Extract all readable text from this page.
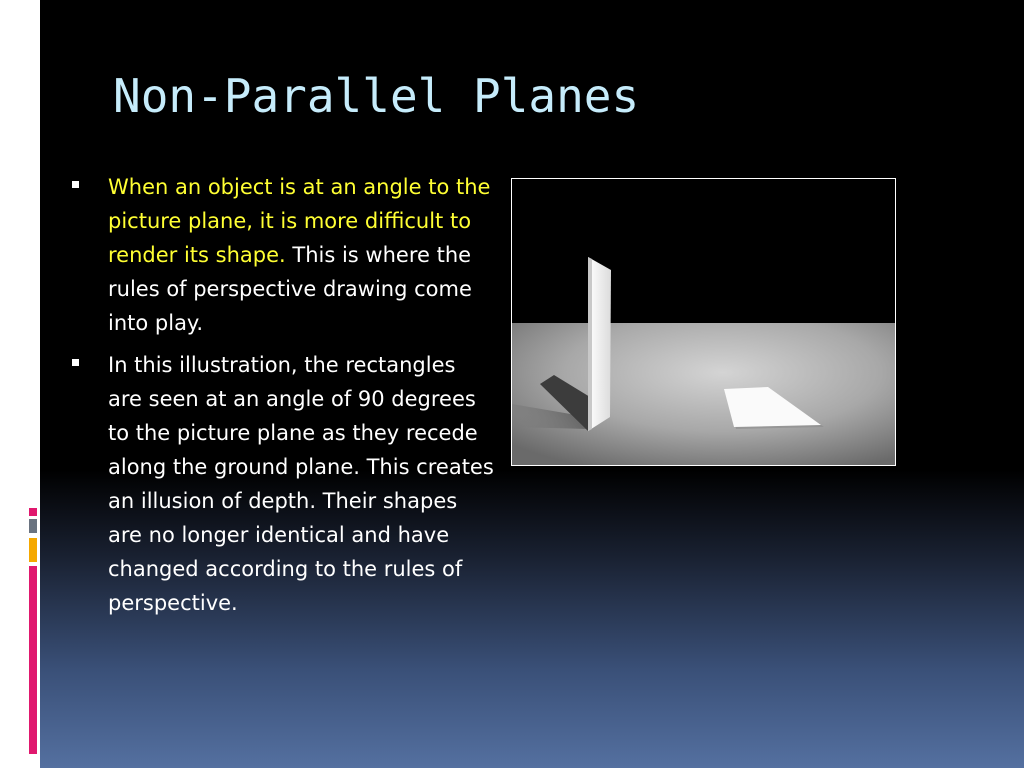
Non-Parallel Planes
When an object is at an angle to the picture plane, it is more difficult to render its shape. This is where the rules of perspective drawing come into play.
In this illustration, the rectangles are seen at an angle of 90 degrees to the picture plane as they recede along the ground plane. This creates an illusion of depth. Their shapes are no longer identical and have changed according to the rules of perspective.
